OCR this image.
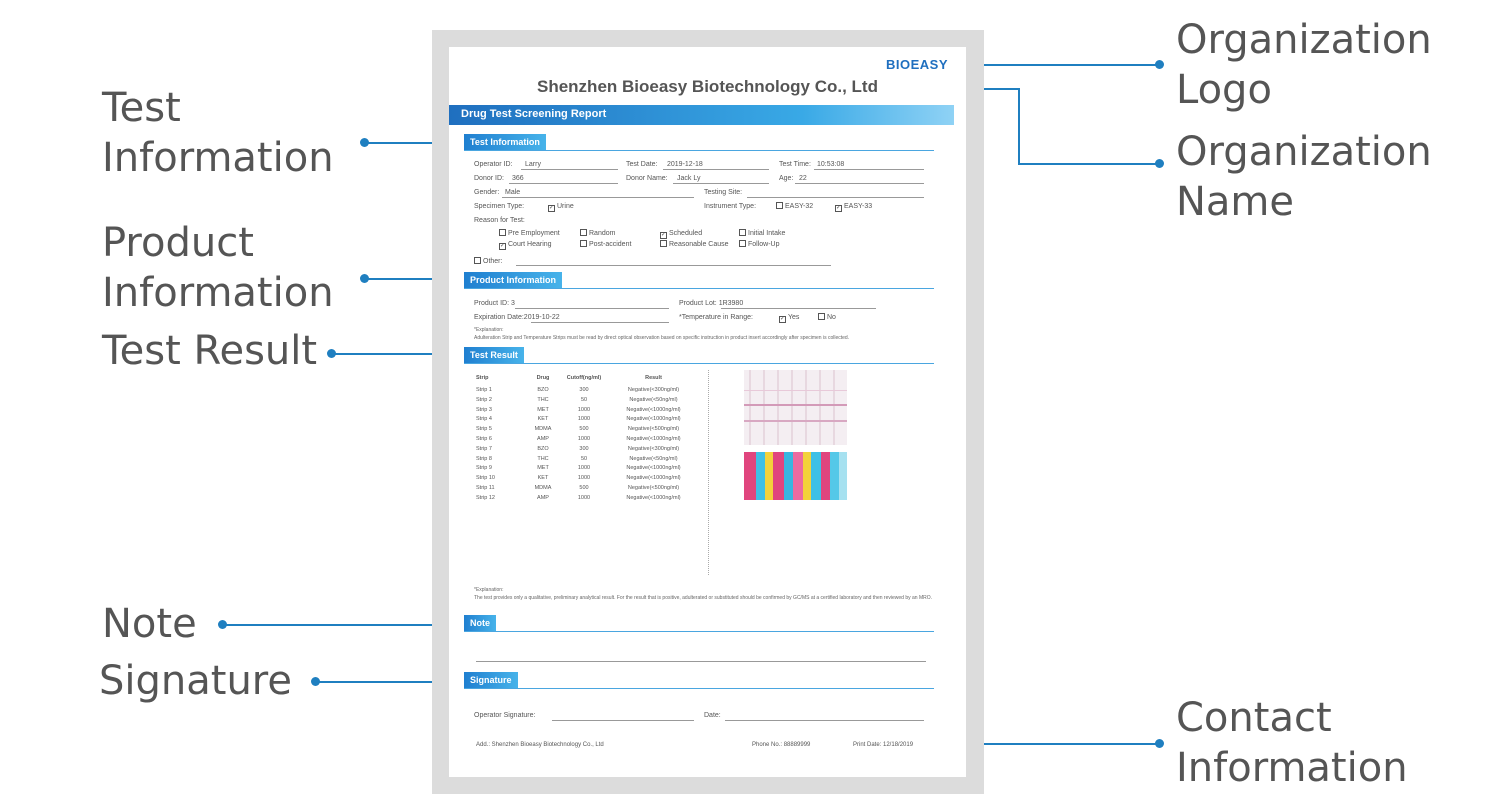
Test
Information
Product
Information
Test Result
Note
Signature
Organization
Logo
Organization
Name
Contact
Information
BIOEASY
Shenzhen Bioeasy Biotechnology Co., Ltd
Drug Test Screening Report
Test Information
Operator ID: Larry	Test Date: 2019-12-18	Test Time: 10:53:08
Donor ID: 366	Donor Name: Jack Ly	Age: 22
Gender: Male	Testing Site:
Specimen Type:	✓ Urine	Instrument Type:	EASY-32	✓ EASY-33
Reason for Test:
Pre Employment	Random	✓ Scheduled	Initial Intake
✓ Court Hearing	Post-accident	Reasonable Cause	Follow-Up
Other:
Product Information
Product ID: 3	Product Lot: 1R3980
Expiration Date:2019-10-22	*Temperature in Range:	✓ Yes	No
*Explanation:
Adulteration Strip and Temperature Strips must be read by direct optical observation based on specific instruction in product insert accordingly after specimen is collected.
Test Result
Strip	Drug	Cutoff(ng/ml)	Result
Strip 1	BZO	300	Negative(<300ng/ml)
Strip 2	THC	50	Negative(<50ng/ml)
Strip 3	MET	1000	Negative(<1000ng/ml)
Strip 4	KET	1000	Negative(<1000ng/ml)
Strip 5	MDMA	500	Negative(<500ng/ml)
Strip 6	AMP	1000	Negative(<1000ng/ml)
Strip 7	BZO	300	Negative(<300ng/ml)
Strip 8	THC	50	Negative(<50ng/ml)
Strip 9	MET	1000	Negative(<1000ng/ml)
Strip 10	KET	1000	Negative(<1000ng/ml)
Strip 11	MDMA	500	Negative(<500ng/ml)
Strip 12	AMP	1000	Negative(<1000ng/ml)
*Explanation:
The test provides only a qualitative, preliminary analytical result. For the result that is positive, adulterated or substituted should be confirmed by GC/MS at a certified laboratory and then reviewed by an MRO.
Note
Signature
Operator Signature:	Date:
Add.: Shenzhen Bioeasy Biotechnology Co., Ltd	Phone No.: 88889999	Print Date: 12/18/2019
